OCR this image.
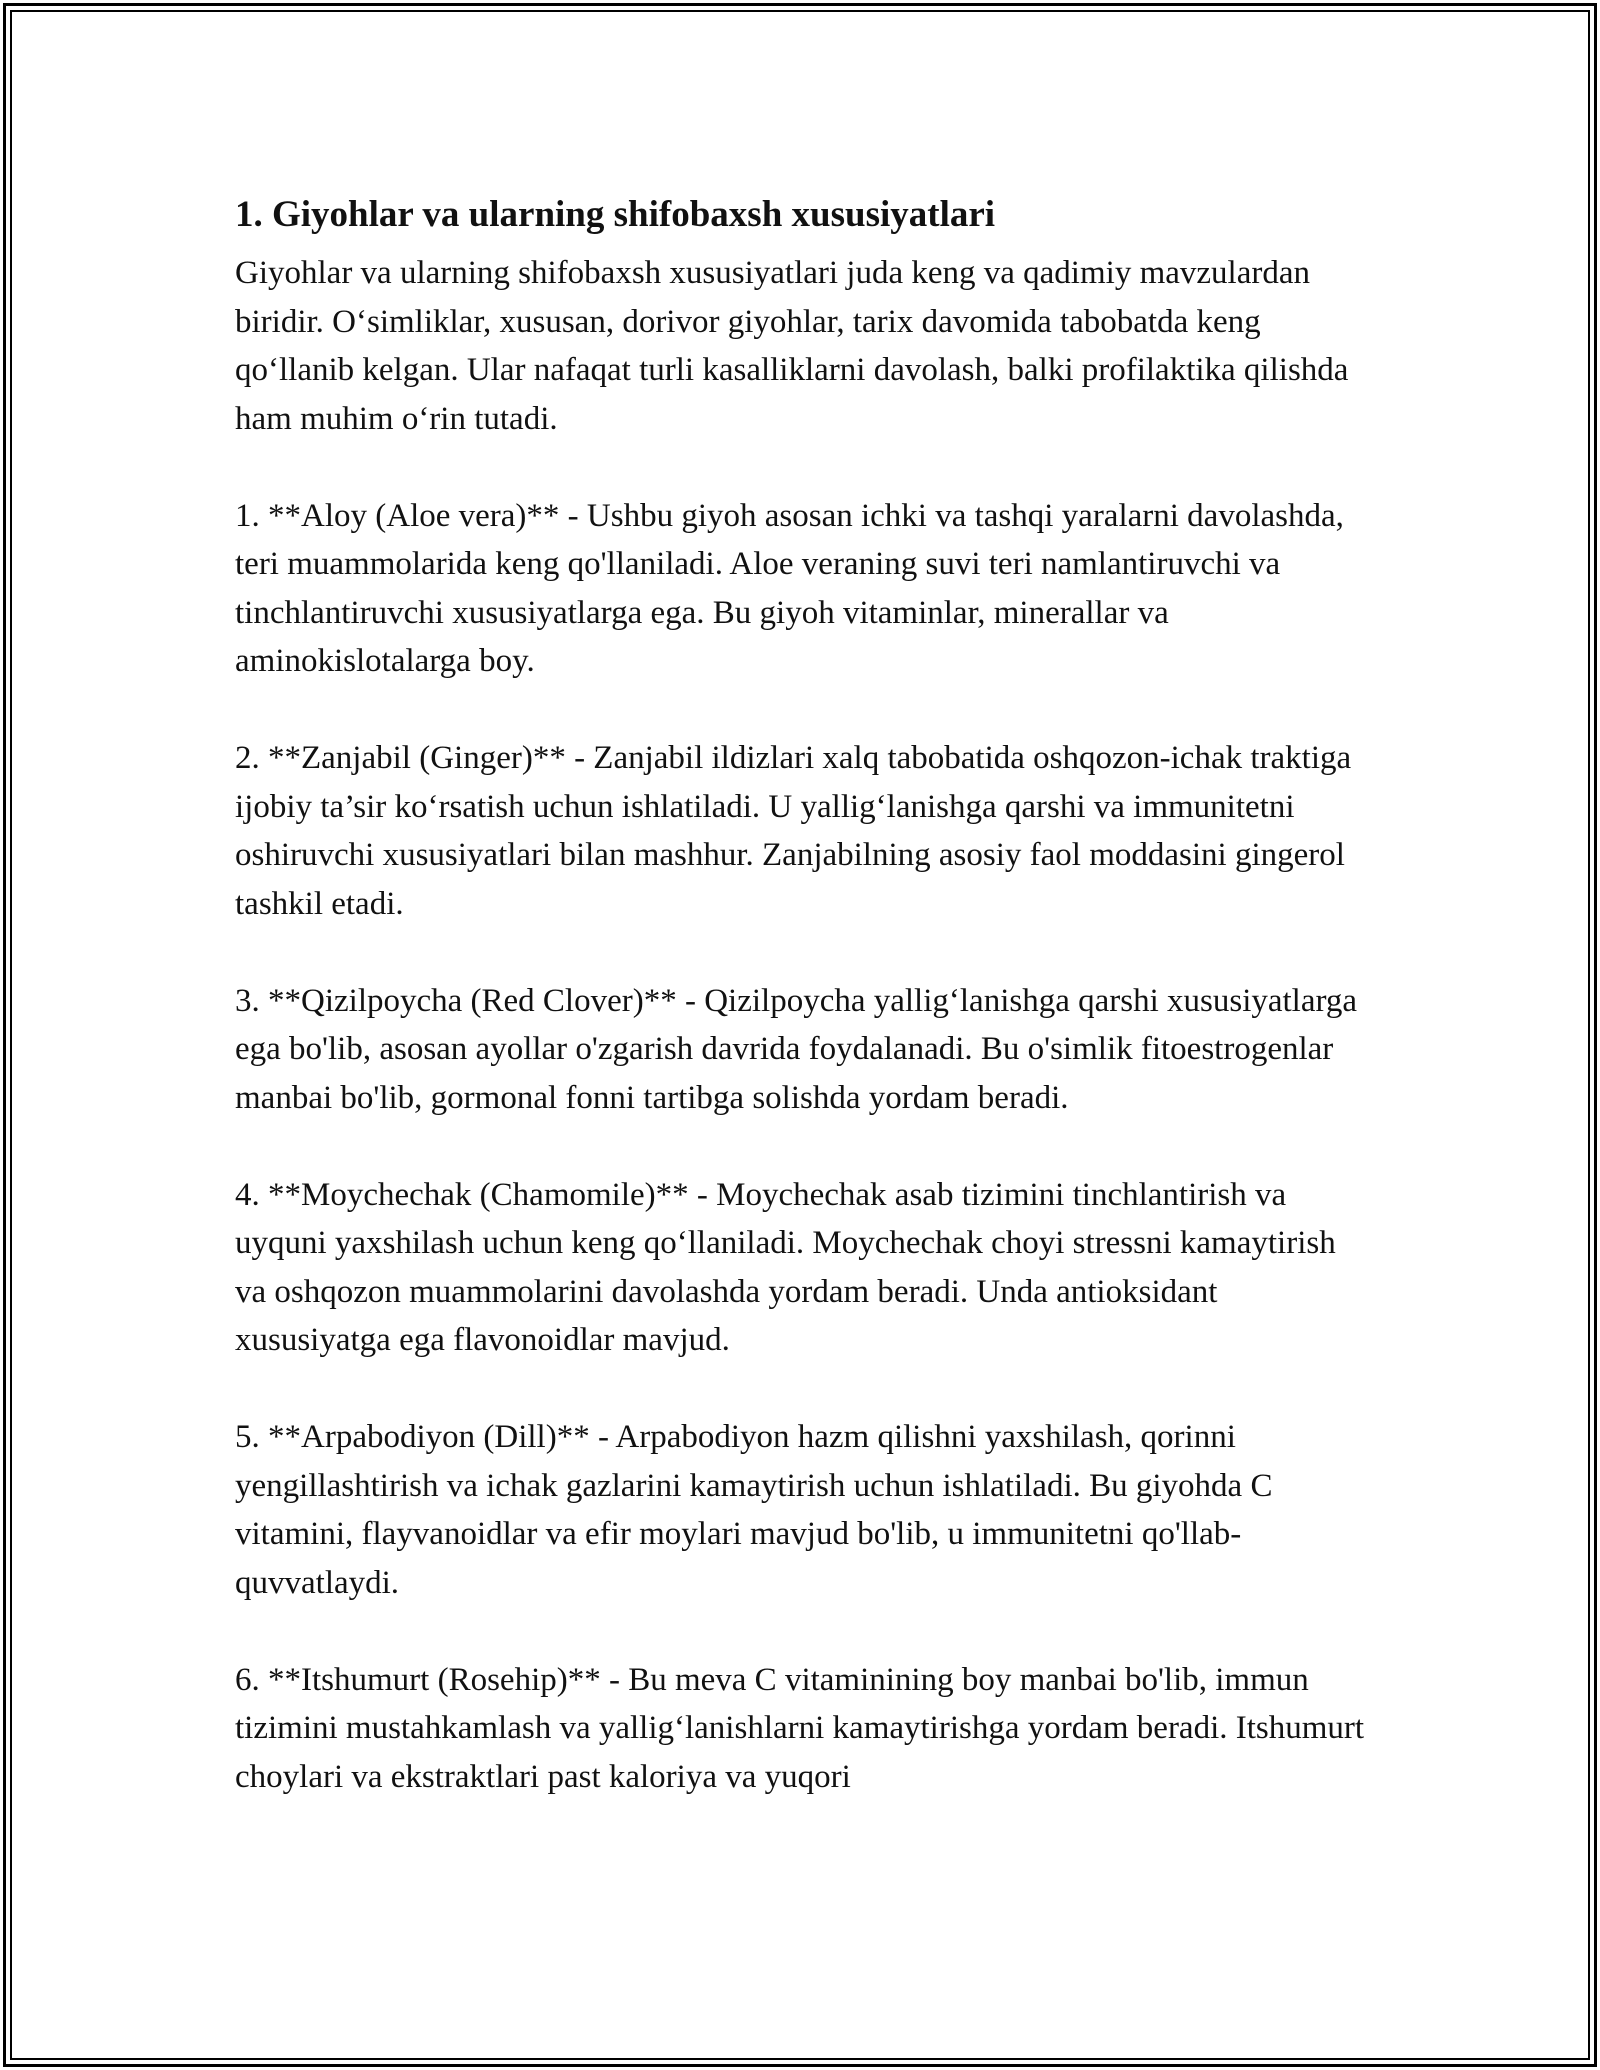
1. Giyohlar va ularning shifobaxsh xususiyatlari

Giyohlar va ularning shifobaxsh xususiyatlari juda keng va qadimiy mavzulardan biridir. O‘simliklar, xususan, dorivor giyohlar, tarix davomida tabobatda keng qo‘llanib kelgan. Ular nafaqat turli kasalliklarni davolash, balki profilaktika qilishda ham muhim o‘rin tutadi.

1. **Aloy (Aloe vera)** - Ushbu giyoh asosan ichki va tashqi yaralarni davolashda, teri muammolarida keng qo'llaniladi. Aloe veraning suvi teri namlantiruvchi va tinchlantiruvchi xususiyatlarga ega. Bu giyoh vitaminlar, minerallar va aminokislotalarga boy.

2. **Zanjabil (Ginger)** - Zanjabil ildizlari xalq tabobatida oshqozon-ichak traktiga ijobiy ta’sir ko‘rsatish uchun ishlatiladi. U yallig‘lanishga qarshi va immunitetni oshiruvchi xususiyatlari bilan mashhur. Zanjabilning asosiy faol moddasini gingerol tashkil etadi.

3. **Qizilpoycha (Red Clover)** - Qizilpoycha yallig‘lanishga qarshi xususiyatlarga ega bo'lib, asosan ayollar o'zgarish davrida foydalanadi. Bu o'simlik fitoestrogenlar manbai bo'lib, gormonal fonni tartibga solishda yordam beradi.

4. **Moychechak (Chamomile)** - Moychechak asab tizimini tinchlantirish va uyquni yaxshilash uchun keng qo‘llaniladi. Moychechak choyi stressni kamaytirish va oshqozon muammolarini davolashda yordam beradi. Unda antioksidant xususiyatga ega flavonoidlar mavjud.

5. **Arpabodiyon (Dill)** - Arpabodiyon hazm qilishni yaxshilash, qorinni yengillashtirish va ichak gazlarini kamaytirish uchun ishlatiladi. Bu giyohda C vitamini, flayvanoidlar va efir moylari mavjud bo'lib, u immunitetni qo'llab-quvvatlaydi.

6. **Itshumurt (Rosehip)** - Bu meva C vitaminining boy manbai bo'lib, immun tizimini mustahkamlash va yallig‘lanishlarni kamaytirishga yordam beradi. Itshumurt choylari va ekstraktlari past kaloriya va yuqori
